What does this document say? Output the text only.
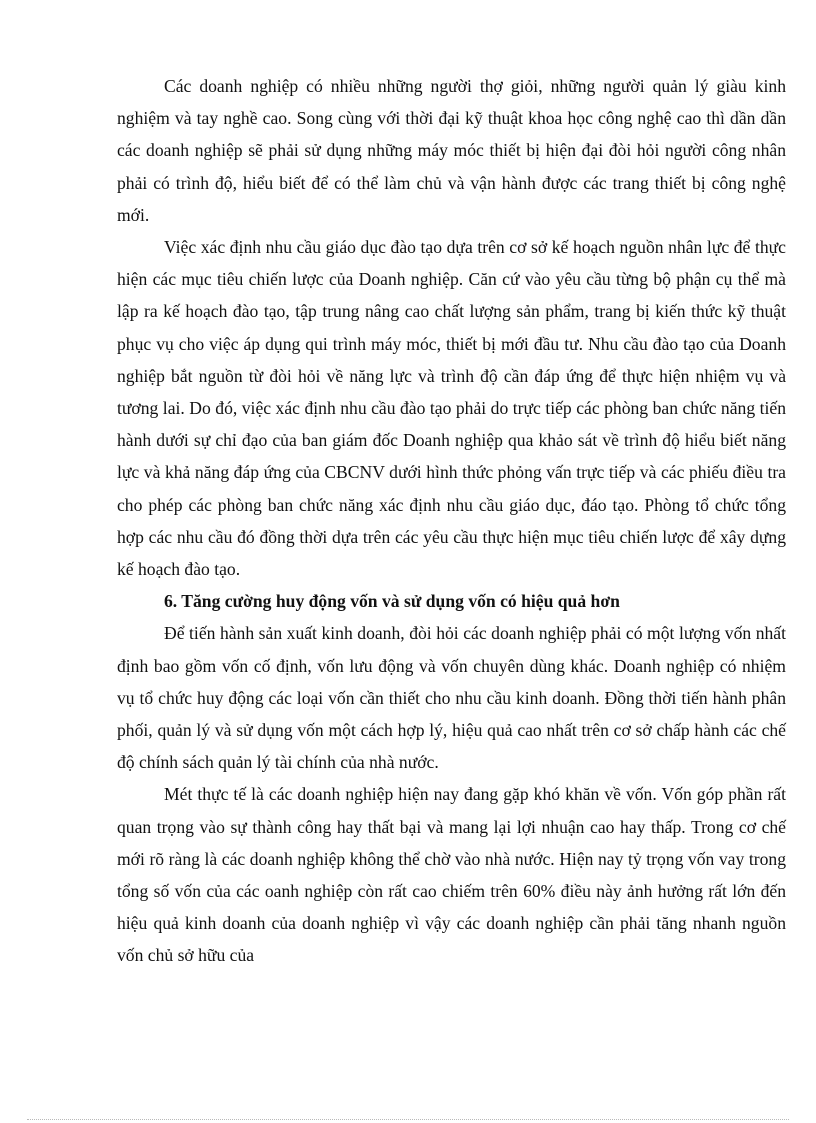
Các doanh nghiệp có nhiều những người thợ giỏi, những người quản lý giàu kinh nghiệm và tay nghề cao. Song cùng với thời đại kỹ thuật khoa học công nghệ cao thì dần dần các doanh nghiệp sẽ phải sử dụng những máy móc thiết bị hiện đại đòi hỏi người công nhân phải có trình độ, hiểu biết để có thể làm chủ và vận hành được các trang thiết bị công nghệ mới.

Việc xác định nhu cầu giáo dục đào tạo dựa trên cơ sở kế hoạch nguồn nhân lực để thực hiện các mục tiêu chiến lược của Doanh nghiệp. Căn cứ vào yêu cầu từng bộ phận cụ thể mà lập ra kế hoạch đào tạo, tập trung nâng cao chất lượng sản phẩm, trang bị kiến thức kỹ thuật phục vụ cho việc áp dụng qui trình máy móc, thiết bị mới đầu tư. Nhu cầu đào tạo của Doanh nghiệp bắt nguồn từ đòi hỏi về năng lực và trình độ cần đáp ứng để thực hiện nhiệm vụ và tương lai. Do đó, việc xác định nhu cầu đào tạo phải do trực tiếp các phòng ban chức năng tiến hành dưới sự chỉ đạo của ban giám đốc Doanh nghiệp qua khảo sát về trình độ hiểu biết năng lực và khả năng đáp ứng của CBCNV dưới hình thức phỏng vấn trực tiếp và các phiếu điều tra cho phép các phòng ban chức năng xác định nhu cầu giáo dục, đáo tạo. Phòng tổ chức tổng hợp các nhu cầu đó đồng thời dựa trên các yêu cầu thực hiện mục tiêu chiến lược để xây dựng kế hoạch đào tạo.

6. Tăng cường huy động vốn và sử dụng vốn có hiệu quả hơn

Để tiến hành sản xuất kinh doanh, đòi hỏi các doanh nghiệp phải có một lượng vốn nhất định bao gồm vốn cố định, vốn lưu động và vốn chuyên dùng khác. Doanh nghiệp có nhiệm vụ tổ chức huy động các loại vốn cần thiết cho nhu cầu kinh doanh. Đồng thời tiến hành phân phối, quản lý và sử dụng vốn một cách hợp lý, hiệu quả cao nhất trên cơ sở chấp hành các chế độ chính sách quản lý tài chính của nhà nước.

Mét thực tế là các doanh nghiệp hiện nay đang gặp khó khăn về vốn. Vốn góp phần rất quan trọng vào sự thành công hay thất bại và mang lại lợi nhuận cao hay thấp. Trong cơ chế mới rõ ràng là các doanh nghiệp không thể chờ vào nhà nước. Hiện nay tỷ trọng vốn vay trong tổng số vốn của các oanh nghiệp còn rất cao chiếm trên 60% điều này ảnh hưởng rất lớn đến hiệu quả kinh doanh của doanh nghiệp vì vậy các doanh nghiệp cần phải tăng nhanh nguồn vốn chủ sở hữu của
